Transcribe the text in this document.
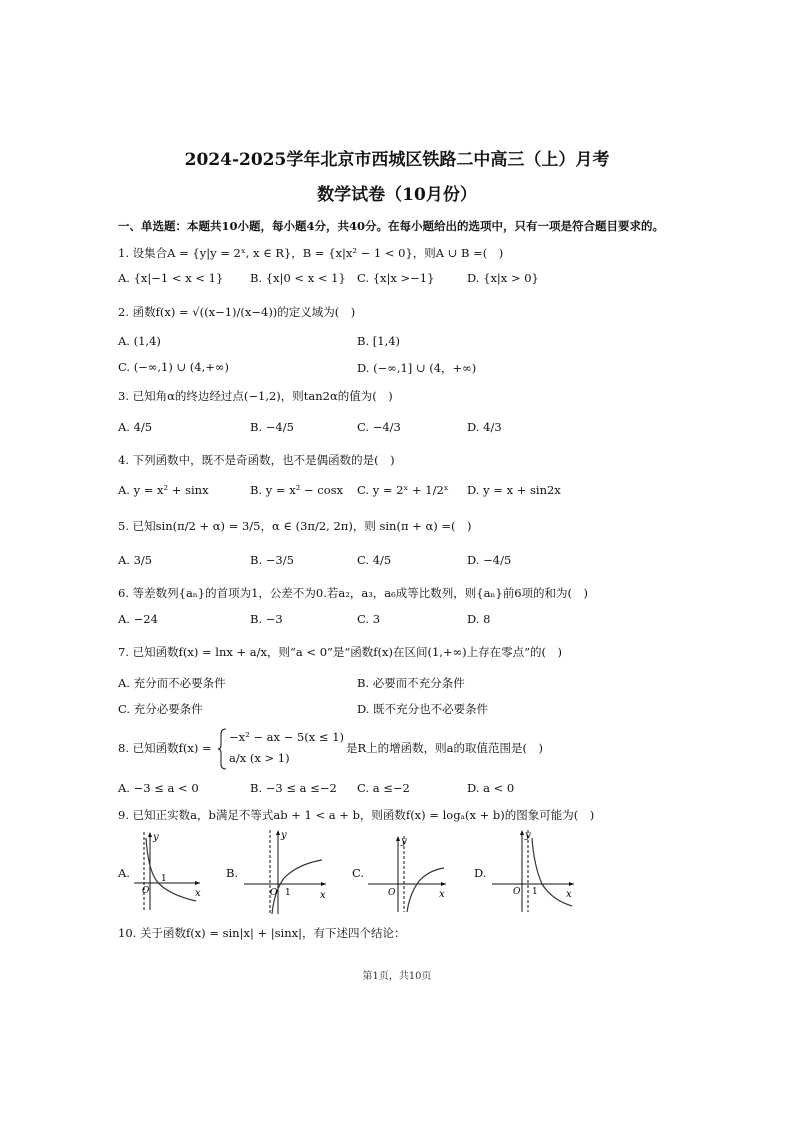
2024-2025学年北京市西城区铁路二中高三（上）月考
数学试卷（10月份）
一、单选题：本题共10小题，每小题4分，共40分。在每小题给出的选项中，只有一项是符合题目要求的。
1. 设集合A = {y|y = 2ˣ, x ∈ R}，B = {x|x² − 1 < 0}，则A ∪ B =(　)
A. {x|−1 < x < 1} B. {x|0 < x < 1} C. {x|x >−1}	D. {x|x > 0}
2. 函数f(x) = √((x−1)/(x−4))的定义域为(　)
A. (1,4)	B. [1,4)
C. (−∞,1) ∪ (4,+∞)	D. (−∞,1] ∪ (4，+∞)
3. 已知角α的终边经过点(−1,2)，则tan2α的值为(　)
A. 4/5	B. −4/5	C. −4/3	D. 4/3
4. 下列函数中，既不是奇函数，也不是偶函数的是(　)
A. y = x² + sinx	B. y = x² − cosx C. y = 2ˣ + 1/2ˣ D. y = x + sin2x
5. 已知sin(π/2 + α) = 3/5，α ∈ (3π/2, 2π)，则 sin(π + α) =(　)
A. 3/5	B. −3/5	C. 4/5	D. −4/5
6. 等差数列{aₙ}的首项为1，公差不为0.若a₂，a₃，a₆成等比数列，则{aₙ}前6项的和为(　)
A. −24	B. −3	C. 3	D. 8
7. 已知函数f(x) = lnx + a/x，则“a < 0”是“函数f(x)在区间(1,+∞)上存在零点”的(　)
A. 充分而不必要条件	B. 必要而不充分条件
C. 充分必要条件	D. 既不充分也不必要条件
8. 已知函数f(x) =
−x² − ax − 5(x ≤ 1)
a/x (x > 1)
是R上的增函数，则a的取值范围是(　)
A. −3 ≤ a < 0	B. −3 ≤ a ≤−2 C. a ≤−2	D. a < 0
9. 已知正实数a，b满足不等式ab + 1 < a + b，则函数f(x) = logₐ(x + b)的图象可能为(　)
A.
y
x
O
1	B.
y
x
O 1
C.
y
x
O
D.
y
x
O 1
10. 关于函数f(x) = sin|x| + |sinx|，有下述四个结论：
第1页，共10页
